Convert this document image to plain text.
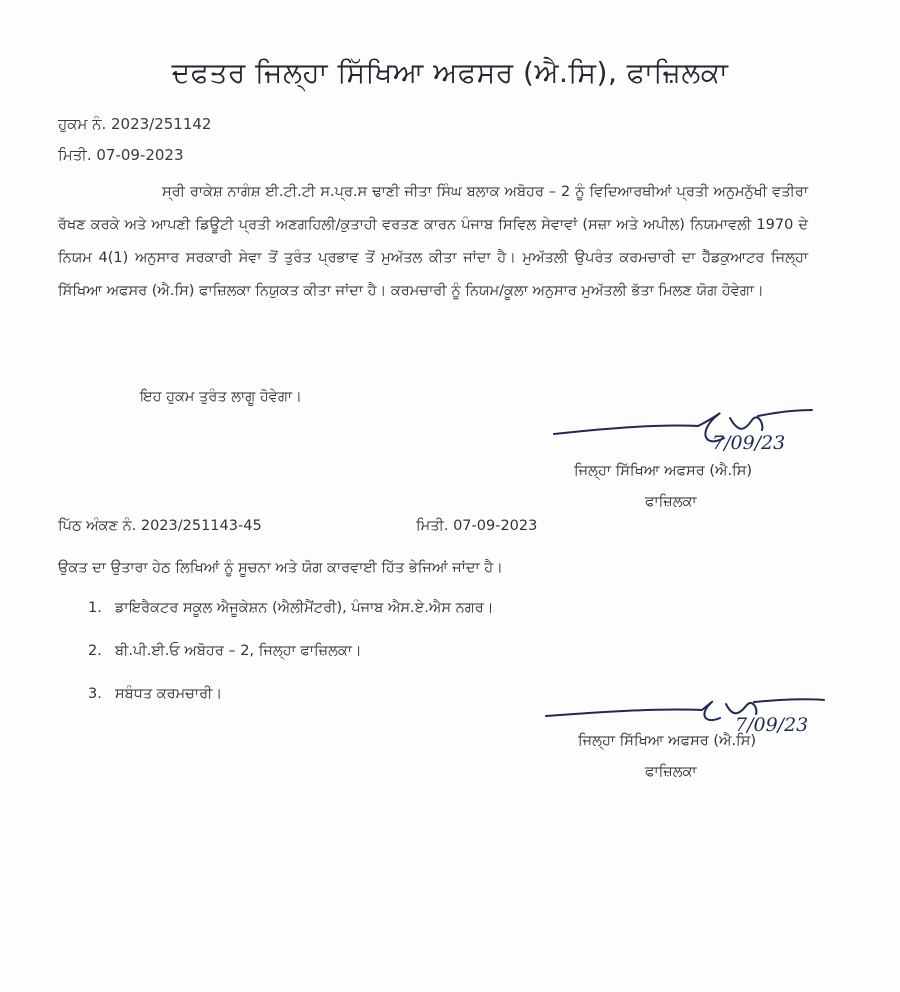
ਦਫਤਰ ਜਿਲ੍ਹਾ ਸਿੱਖਿਆ ਅਫਸਰ (ਐ.ਸਿ), ਫਾਜ਼ਿਲਕਾ
ਹੁਕਮ ਨੰ. 2023/251142
ਮਿਤੀ. 07-09-2023
ਸ੍ਰੀ ਰਾਕੇਸ਼ ਨਾਗੰਸ਼ ਈ.ਟੀ.ਟੀ ਸ.ਪ੍ਰ.ਸ ਢਾਣੀ ਜੀਤਾ ਸਿੰਘ ਬਲਾਕ ਅਬੋਹਰ – 2 ਨੂੰ ਵਿਦਿਆਰਥੀਆਂ ਪ੍ਰਤੀ ਅਨੁਮਨੁੱਖੀ ਵਤੀਰਾ ਰੱਖਣ ਕਰਕੇ ਅਤੇ ਆਪਣੀ ਡਿਊਟੀ ਪ੍ਰਤੀ ਅਣਗਹਿਲੀ/ਕੁਤਾਹੀ ਵਰਤਣ ਕਾਰਨ ਪੰਜਾਬ ਸਿਵਿਲ ਸੇਵਾਵਾਂ (ਸਜ਼ਾ ਅਤੇ ਅਪੀਲ) ਨਿਯਮਾਵਲੀ 1970 ਦੇ ਨਿਯਮ 4(1) ਅਨੁਸਾਰ ਸਰਕਾਰੀ ਸੇਵਾ ਤੋਂ ਤੁਰੰਤ ਪ੍ਰਭਾਵ ਤੋਂ ਮੁਅੱਤਲ ਕੀਤਾ ਜਾਂਦਾ ਹੈ। ਮੁਅੱਤਲੀ ਉਪਰੰਤ ਕਰਮਚਾਰੀ ਦਾ ਹੈੱਡਕੁਆਟਰ ਜਿਲ੍ਹਾ ਸਿੱਖਿਆ ਅਫਸਰ (ਐ.ਸਿ) ਫਾਜ਼ਿਲਕਾ ਨਿਯੁਕਤ ਕੀਤਾ ਜਾਂਦਾ ਹੈ। ਕਰਮਚਾਰੀ ਨੂੰ ਨਿਯਮ/ਕੂਲਾ ਅਨੁਸਾਰ ਮੁਅੱਤਲੀ ਭੱਤਾ ਮਿਲਣ ਯੋਗ ਹੋਵੇਗਾ।
ਇਹ ਹੁਕਮ ਤੁਰੰਤ ਲਾਗੂ ਹੋਵੇਗਾ।
7/09/23
ਜਿਲ੍ਹਾ ਸਿੱਖਿਆ ਅਫਸਰ (ਐ.ਸਿ)
ਫਾਜ਼ਿਲਕਾ
ਪਿੱਠ ਅੰਕਣ ਨੰ. 2023/251143-45	ਮਿਤੀ. 07-09-2023
ਉਕਤ ਦਾ ਉਤਾਰਾ ਹੇਠ ਲਿਖਿਆਂ ਨੂੰ ਸੂਚਨਾ ਅਤੇ ਯੋਗ ਕਾਰਵਾਈ ਹਿੱਤ ਭੇਜਿਆਂ ਜਾਂਦਾ ਹੈ।
1. ਡਾਇਰੈਕਟਰ ਸਕੂਲ ਐਜੂਕੇਸ਼ਨ (ਐਲੀਮੈਂਟਰੀ), ਪੰਜਾਬ ਐਸ.ਏ.ਐਸ ਨਗਰ।
2. ਬੀ.ਪੀ.ਈ.ਓ ਅਬੋਹਰ – 2, ਜਿਲ੍ਹਾ ਫਾਜ਼ਿਲਕਾ।
3. ਸਬੰਧਤ ਕਰਮਚਾਰੀ।
7/09/23
ਜਿਲ੍ਹਾ ਸਿੱਖਿਆ ਅਫਸਰ (ਐ.ਸਿ)
ਫਾਜ਼ਿਲਕਾ
